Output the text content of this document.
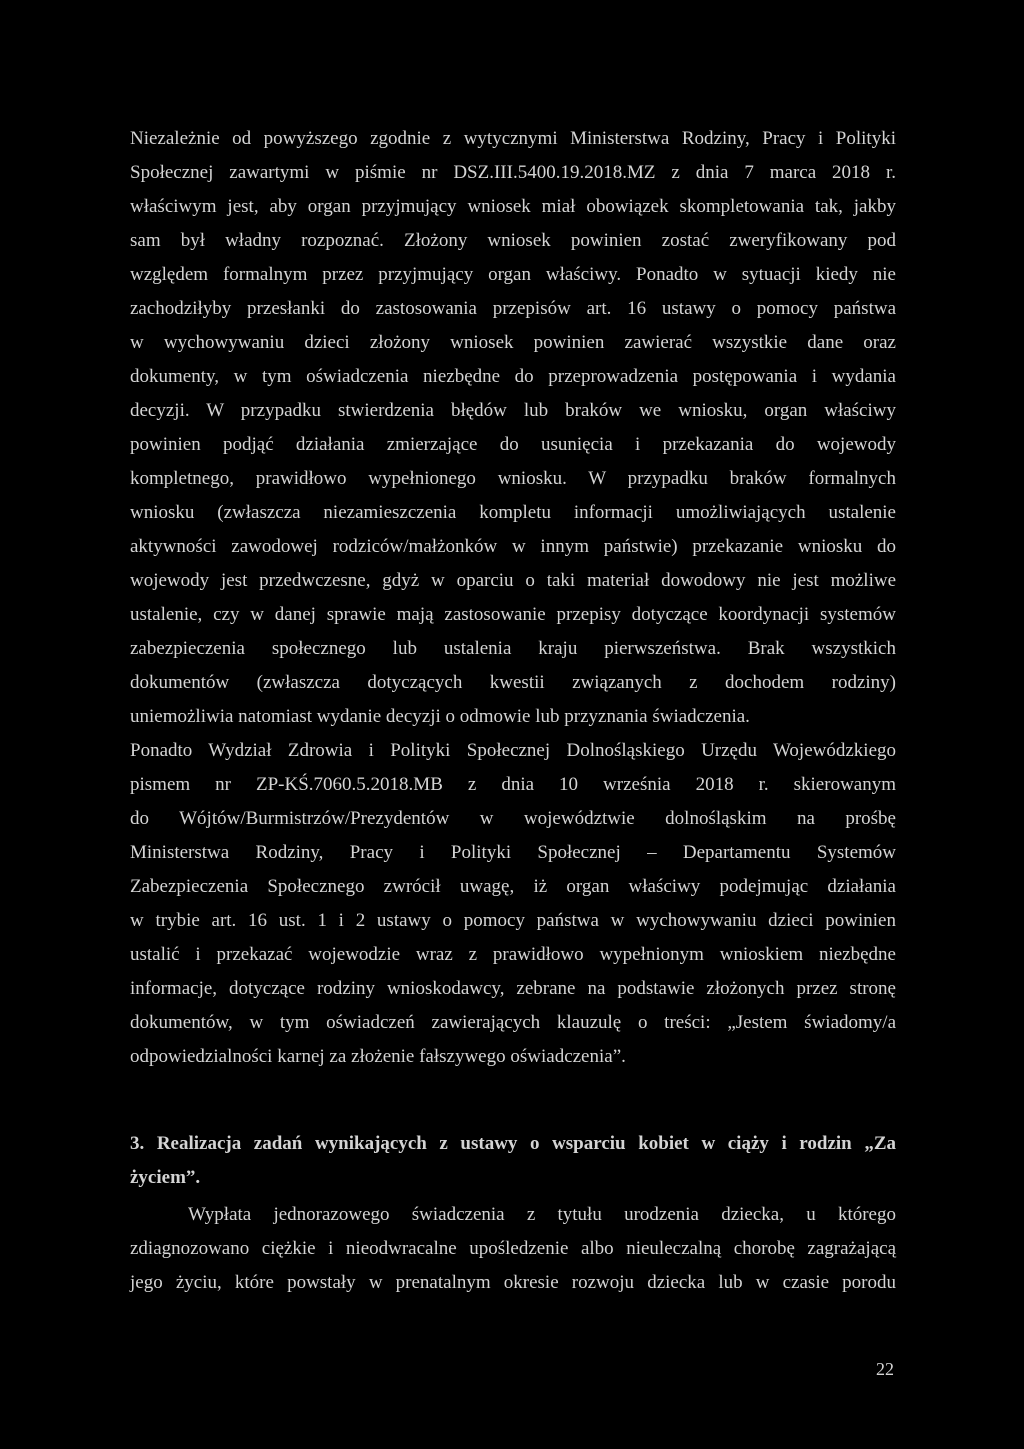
Niezależnie od powyższego zgodnie z wytycznymi Ministerstwa Rodziny, Pracy i Polityki
Społecznej zawartymi w piśmie nr DSZ.III.5400.19.2018.MZ z dnia 7 marca 2018 r.
właściwym jest, aby organ przyjmujący wniosek miał obowiązek skompletowania tak, jakby
sam był władny rozpoznać. Złożony wniosek powinien zostać zweryfikowany pod
względem formalnym przez przyjmujący organ właściwy. Ponadto w sytuacji kiedy nie
zachodziłyby przesłanki do zastosowania przepisów art. 16 ustawy o pomocy państwa
w wychowywaniu dzieci złożony wniosek powinien zawierać wszystkie dane oraz
dokumenty, w tym oświadczenia niezbędne do przeprowadzenia postępowania i wydania
decyzji. W przypadku stwierdzenia błędów lub braków we wniosku, organ właściwy
powinien podjąć działania zmierzające do usunięcia i przekazania do wojewody
kompletnego, prawidłowo wypełnionego wniosku. W przypadku braków formalnych
wniosku (zwłaszcza niezamieszczenia kompletu informacji umożliwiających ustalenie
aktywności zawodowej rodziców/małżonków w innym państwie) przekazanie wniosku do
wojewody jest przedwczesne, gdyż w oparciu o taki materiał dowodowy nie jest możliwe
ustalenie, czy w danej sprawie mają zastosowanie przepisy dotyczące koordynacji systemów
zabezpieczenia społecznego lub ustalenia kraju pierwszeństwa. Brak wszystkich
dokumentów (zwłaszcza dotyczących kwestii związanych z dochodem rodziny)
uniemożliwia natomiast wydanie decyzji o odmowie lub przyznania świadczenia.
Ponadto Wydział Zdrowia i Polityki Społecznej Dolnośląskiego Urzędu Wojewódzkiego
pismem nr ZP-KŚ.7060.5.2018.MB z dnia 10 września 2018 r. skierowanym
do Wójtów/Burmistrzów/Prezydentów w województwie dolnośląskim na prośbę
Ministerstwa Rodziny, Pracy i Polityki Społecznej – Departamentu Systemów
Zabezpieczenia Społecznego zwrócił uwagę, iż organ właściwy podejmując działania
w trybie art. 16 ust. 1 i 2 ustawy o pomocy państwa w wychowywaniu dzieci powinien
ustalić i przekazać wojewodzie wraz z prawidłowo wypełnionym wnioskiem niezbędne
informacje, dotyczące rodziny wnioskodawcy, zebrane na podstawie złożonych przez stronę
dokumentów, w tym oświadczeń zawierających klauzulę o treści: „Jestem świadomy/a
odpowiedzialności karnej za złożenie fałszywego oświadczenia”.
3. Realizacja zadań wynikających z ustawy o wsparciu kobiet w ciąży i rodzin „Za
życiem”.
Wypłata jednorazowego świadczenia z tytułu urodzenia dziecka, u którego
zdiagnozowano ciężkie i nieodwracalne upośledzenie albo nieuleczalną chorobę zagrażającą
jego życiu, które powstały w prenatalnym okresie rozwoju dziecka lub w czasie porodu
22
